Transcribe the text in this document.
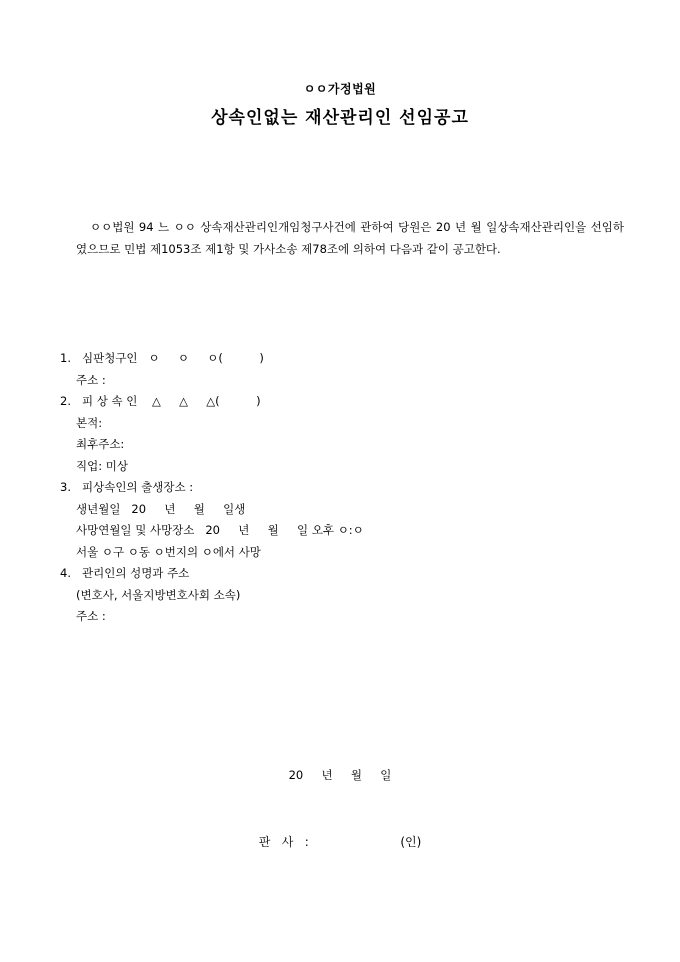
ㅇㅇ가정법원
상속인없는 재산관리인 선임공고
ㅇㅇ법원 94 느 ㅇㅇ 상속재산관리인개임청구사건에 관하여 당원은 20 년 월 일상속재산관리인을 선임하였으므로 민법 제1053조 제1항 및 가사소송 제78조에 의하여 다음과 같이 공고한다.
1. 심판청구인   ㅇ     ㅇ     ㅇ(          )
주소 :
2. 피 상 속 인    △     △     △(          )
본적:
최후주소:
직업: 미상
3. 피상속인의 출생장소 :
생년월일   20     년     월     일생
사망연월일 및 사망장소   20     년     월     일 오후 ㅇ:ㅇ
서울 ㅇ구 ㅇ동 ㅇ번지의 ㅇ에서 사망
4. 관리인의 성명과 주소
(변호사, 서울지방변호사회 소속)
주소 :
20     년     월     일
판   사   :                        (인)
